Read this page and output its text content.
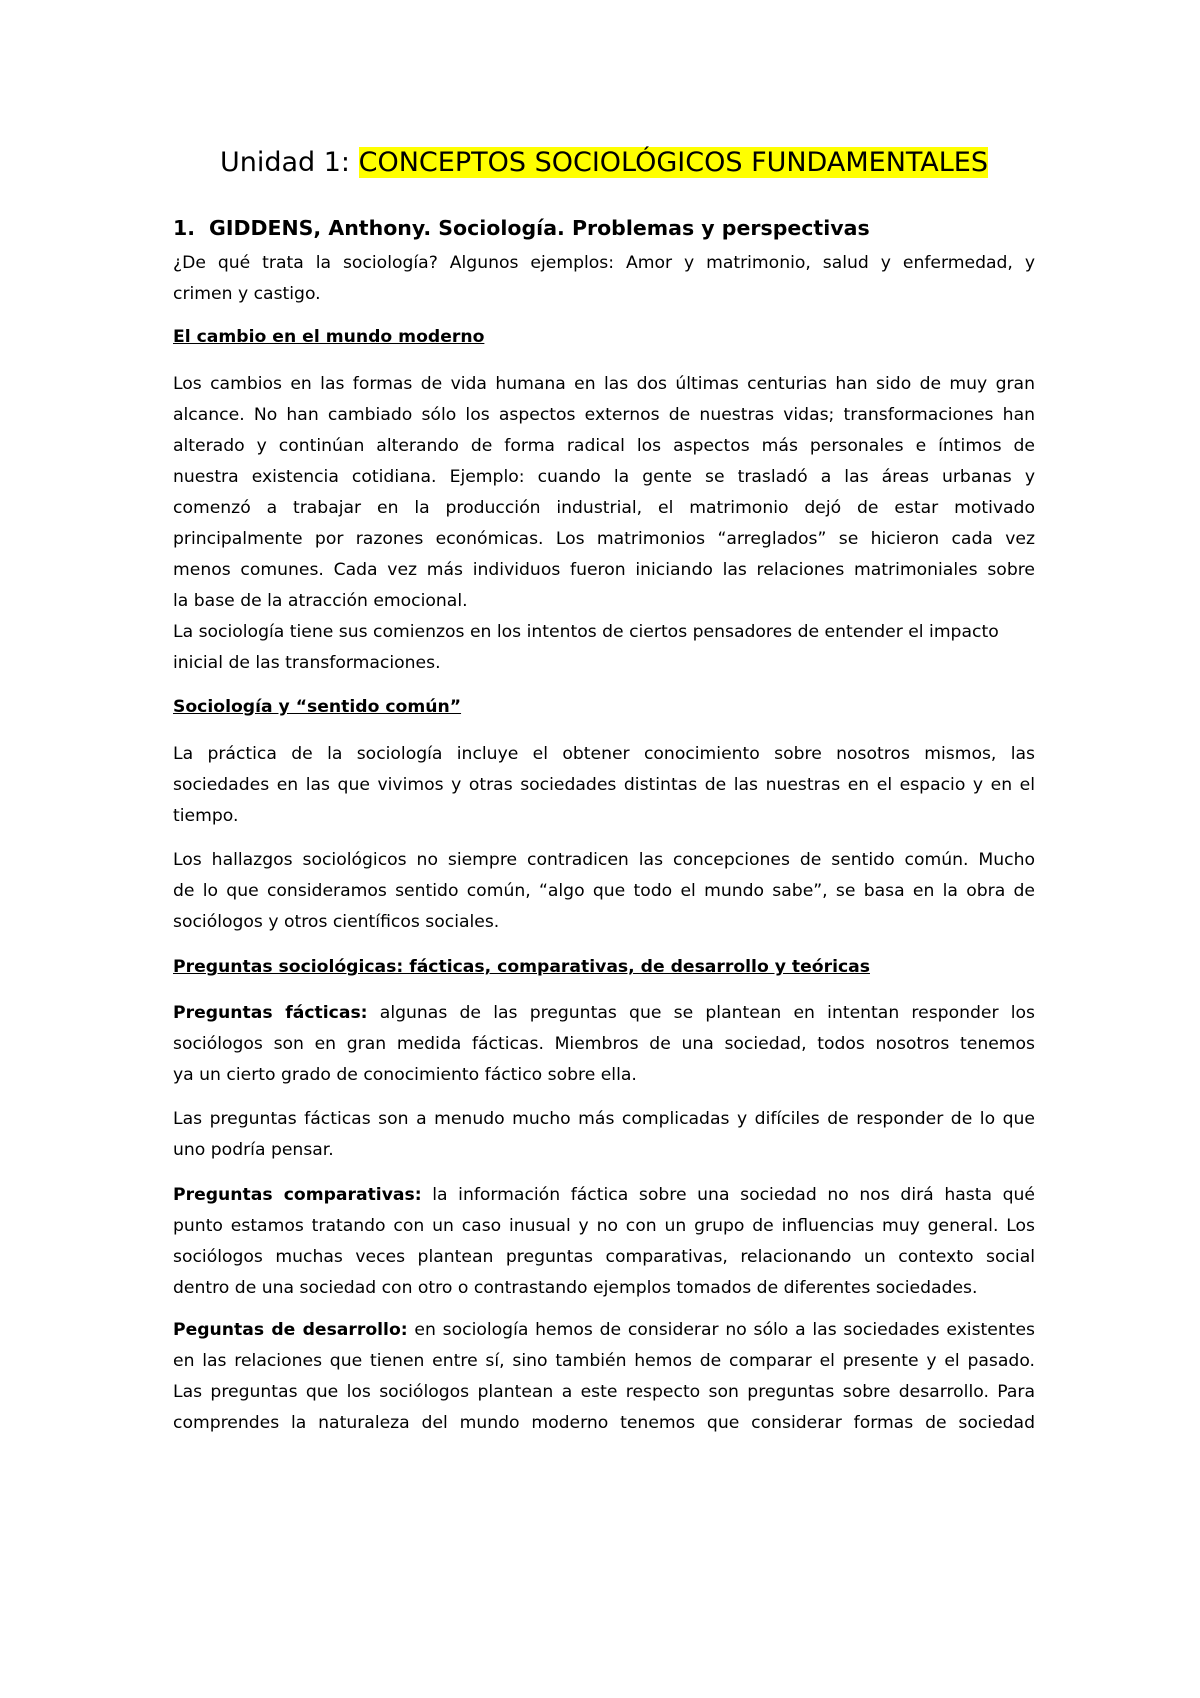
Unidad 1: CONCEPTOS SOCIOLÓGICOS FUNDAMENTALES
1. GIDDENS, Anthony. Sociología. Problemas y perspectivas
¿De qué trata la sociología? Algunos ejemplos: Amor y matrimonio, salud y enfermedad, y
crimen y castigo.
El cambio en el mundo moderno
Los cambios en las formas de vida humana en las dos últimas centurias han sido de muy gran
alcance. No han cambiado sólo los aspectos externos de nuestras vidas; transformaciones han
alterado y continúan alterando de forma radical los aspectos más personales e íntimos de
nuestra existencia cotidiana. Ejemplo: cuando la gente se trasladó a las áreas urbanas y
comenzó a trabajar en la producción industrial, el matrimonio dejó de estar motivado
principalmente por razones económicas. Los matrimonios “arreglados” se hicieron cada vez
menos comunes. Cada vez más individuos fueron iniciando las relaciones matrimoniales sobre
la base de la atracción emocional.
La sociología tiene sus comienzos en los intentos de ciertos pensadores de entender el impacto
inicial de las transformaciones.
Sociología y “sentido común”
La práctica de la sociología incluye el obtener conocimiento sobre nosotros mismos, las
sociedades en las que vivimos y otras sociedades distintas de las nuestras en el espacio y en el
tiempo.
Los hallazgos sociológicos no siempre contradicen las concepciones de sentido común. Mucho
de lo que consideramos sentido común, “algo que todo el mundo sabe”, se basa en la obra de
sociólogos y otros científicos sociales.
Preguntas sociológicas: fácticas, comparativas, de desarrollo y teóricas
Preguntas fácticas: algunas de las preguntas que se plantean en intentan responder los
sociólogos son en gran medida fácticas. Miembros de una sociedad, todos nosotros tenemos
ya un cierto grado de conocimiento fáctico sobre ella.
Las preguntas fácticas son a menudo mucho más complicadas y difíciles de responder de lo que
uno podría pensar.
Preguntas comparativas: la información fáctica sobre una sociedad no nos dirá hasta qué
punto estamos tratando con un caso inusual y no con un grupo de influencias muy general. Los
sociólogos muchas veces plantean preguntas comparativas, relacionando un contexto social
dentro de una sociedad con otro o contrastando ejemplos tomados de diferentes sociedades.
Peguntas de desarrollo: en sociología hemos de considerar no sólo a las sociedades existentes
en las relaciones que tienen entre sí, sino también hemos de comparar el presente y el pasado.
Las preguntas que los sociólogos plantean a este respecto son preguntas sobre desarrollo. Para
comprendes la naturaleza del mundo moderno tenemos que considerar formas de sociedad
